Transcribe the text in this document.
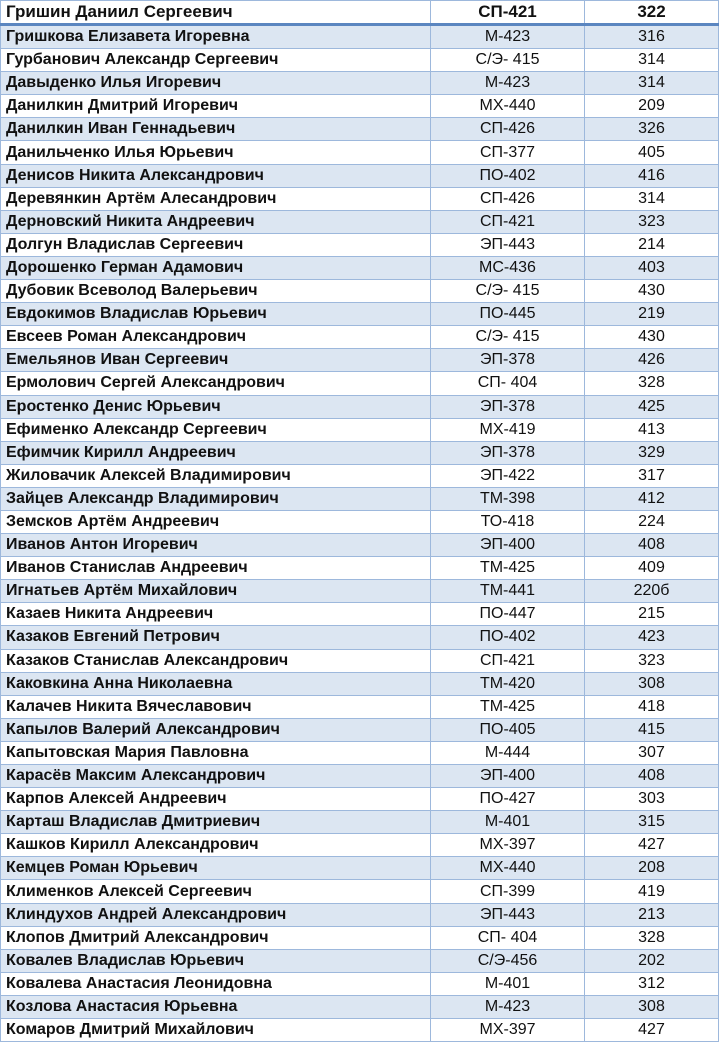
Гришин Даниил Сергеевич	СП-421	322
Гришкова Елизавета Игоревна	М-423	316
Гурбанович Александр Сергеевич	С/Э- 415	314
Давыденко Илья Игоревич	М-423	314
Данилкин Дмитрий Игоревич	МХ-440	209
Данилкин Иван Геннадьевич	СП-426	326
Данильченко Илья Юрьевич	СП-377	405
Денисов Никита Александрович	ПО-402	416
Деревянкин Артём Алесандрович	СП-426	314
Дерновский Никита Андреевич	СП-421	323
Долгун Владислав Сергеевич	ЭП-443	214
Дорошенко Герман Адамович	МС-436	403
Дубовик Всеволод Валерьевич	С/Э- 415	430
Евдокимов Владислав Юрьевич	ПО-445	219
Евсеев Роман Александрович	С/Э- 415	430
Емельянов Иван Сергеевич	ЭП-378	426
Ермолович Сергей Александрович	СП- 404	328
Еростенко Денис Юрьевич	ЭП-378	425
Ефименко Александр Сергеевич	МХ-419	413
Ефимчик Кирилл Андреевич	ЭП-378	329
Жиловачик Алексей Владимирович	ЭП-422	317
Зайцев Александр Владимирович	ТМ-398	412
Земсков Артём Андреевич	ТО-418	224
Иванов Антон Игоревич	ЭП-400	408
Иванов Станислав Андреевич	ТМ-425	409
Игнатьев Артём Михайлович	ТМ-441	220б
Казаев Никита Андреевич	ПО-447	215
Казаков Евгений Петрович	ПО-402	423
Казаков Станислав Александрович	СП-421	323
Каковкина Анна Николаевна	ТМ-420	308
Калачев Никита Вячеславович	ТМ-425	418
Капылов Валерий Александрович	ПО-405	415
Капытовская Мария Павловна	М-444	307
Карасёв Максим Александрович	ЭП-400	408
Карпов Алексей Андреевич	ПО-427	303
Карташ Владислав Дмитриевич	М-401	315
Кашков Кирилл Александрович	МХ-397	427
Кемцев Роман Юрьевич	МХ-440	208
Клименков Алексей Сергеевич	СП-399	419
Клиндухов Андрей Александрович	ЭП-443	213
Клопов Дмитрий Александрович	СП- 404	328
Ковалев Владислав Юрьевич	С/Э-456	202
Ковалева Анастасия Леонидовна	М-401	312
Козлова Анастасия Юрьевна	М-423	308
Комаров Дмитрий Михайлович	МХ-397	427
